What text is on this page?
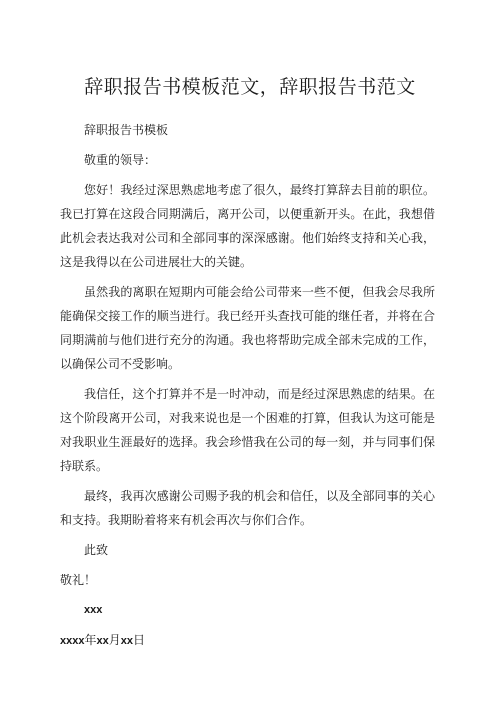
辞职报告书模板范文，辞职报告书范文

辞职报告书模板

敬重的领导：

您好！我经过深思熟虑地考虑了很久，最终打算辞去目前的职位。我已打算在这段合同期满后，离开公司，以便重新开头。在此，我想借此机会表达我对公司和全部同事的深深感谢。他们始终支持和关心我，这是我得以在公司进展壮大的关键。

虽然我的离职在短期内可能会给公司带来一些不便，但我会尽我所能确保交接工作的顺当进行。我已经开头查找可能的继任者，并将在合同期满前与他们进行充分的沟通。我也将帮助完成全部未完成的工作，以确保公司不受影响。

我信任，这个打算并不是一时冲动，而是经过深思熟虑的结果。在这个阶段离开公司，对我来说也是一个困难的打算，但我认为这可能是对我职业生涯最好的选择。我会珍惜我在公司的每一刻，并与同事们保持联系。

最终，我再次感谢公司赐予我的机会和信任，以及全部同事的关心和支持。我期盼着将来有机会再次与你们合作。

此致

敬礼！

xxx

xxxx年xx月xx日
